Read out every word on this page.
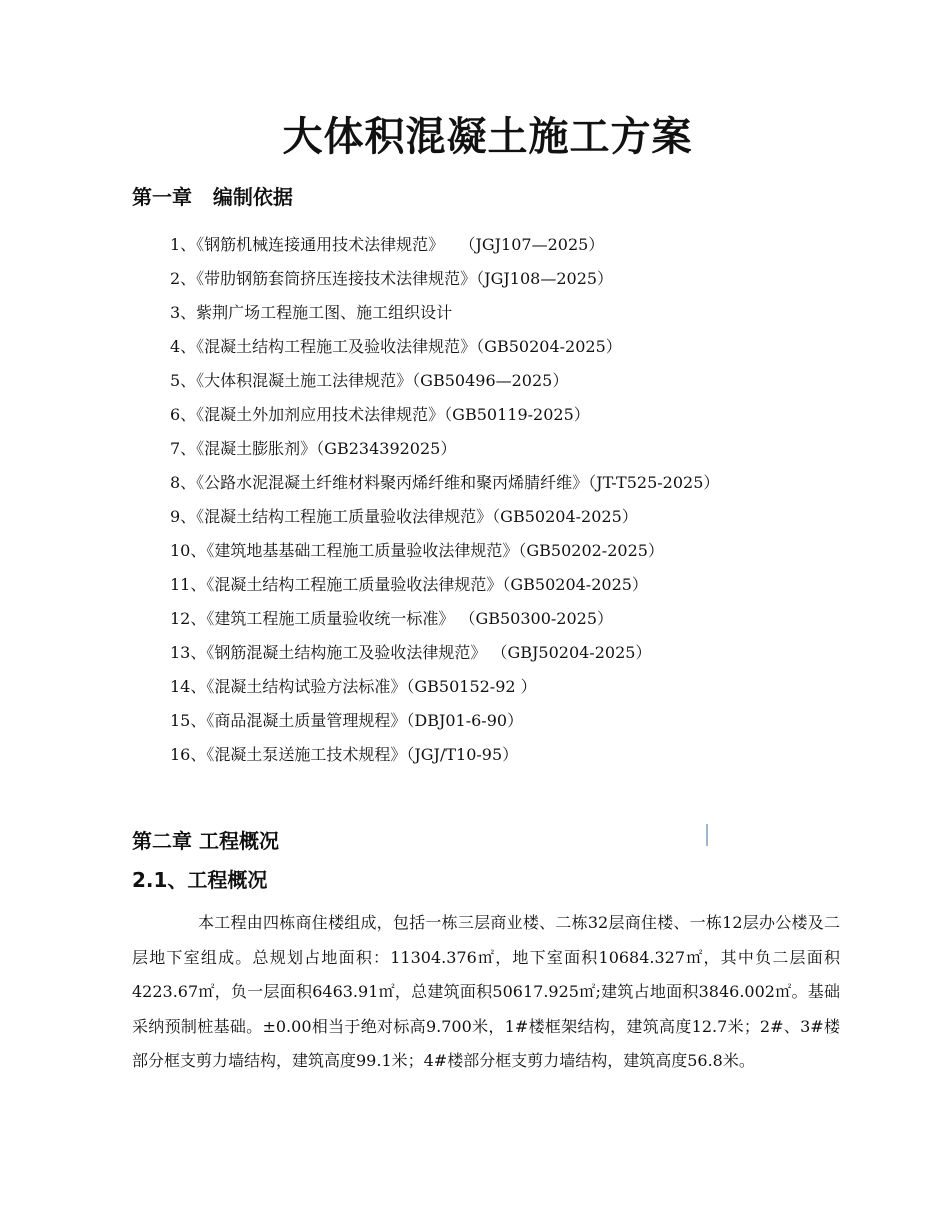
大体积混凝土施工方案
第一章   编制依据
1、《钢筋机械连接通用技术法律规范》   （JGJ107—2025）
2、《带肋钢筋套筒挤压连接技术法律规范》（JGJ108—2025）
3、紫荆广场工程施工图、施工组织设计
4、《混凝土结构工程施工及验收法律规范》（GB50204-2025）
5、《大体积混凝土施工法律规范》（GB50496—2025）
6、《混凝土外加剂应用技术法律规范》（GB50119-2025）
7、《混凝土膨胀剂》（GB234392025）
8、《公路水泥混凝土纤维材料聚丙烯纤维和聚丙烯腈纤维》（JT-T525-2025）
9、《混凝土结构工程施工质量验收法律规范》（GB50204-2025）
10、《建筑地基基础工程施工质量验收法律规范》（GB50202-2025）
11、《混凝土结构工程施工质量验收法律规范》（GB50204-2025）
12、《建筑工程施工质量验收统一标准》 （GB50300-2025）
13、《钢筋混凝土结构施工及验收法律规范》 （GBJ50204-2025）
14、《混凝土结构试验方法标准》（GB50152-92 ）
15、《商品混凝土质量管理规程》（DBJ01-6-90）
16、《混凝土泵送施工技术规程》（JGJ/T10-95）
第二章 工程概况
2.1、工程概况

本工程由四栋商住楼组成，包括一栋三层商业楼、二栋32层商住楼、一栋12层办公楼及二层地下室组成。总规划占地面积：11304.376㎡，地下室面积10684.327㎡，其中负二层面积4223.67㎡，负一层面积6463.91㎡，总建筑面积50617.925㎡;建筑占地面积3846.002㎡。基础采纳预制桩基础。±0.00相当于绝对标高9.700米，1#楼框架结构，建筑高度12.7米；2#、3#楼部分框支剪力墙结构，建筑高度99.1米；4#楼部分框支剪力墙结构，建筑高度56.8米。
